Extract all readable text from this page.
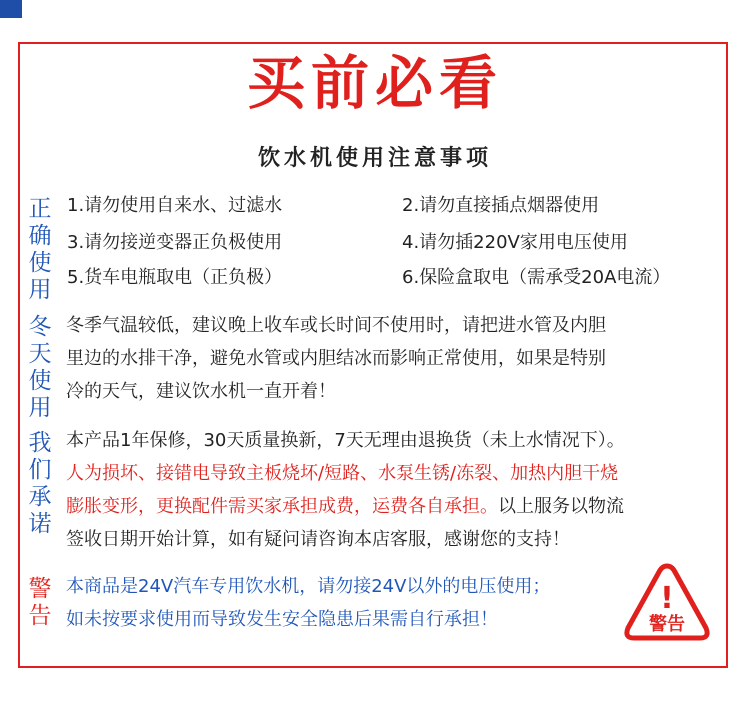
买前必看
饮水机使用注意事项
正确使用
1.请勿使用自来水、过滤水	2.请勿直接插点烟器使用
3.请勿接逆变器正负极使用	4.请勿插220V家用电压使用
5.货车电瓶取电（正负极）	6.保险盒取电（需承受20A电流）
冬天使用
冬季气温较低，建议晚上收车或长时间不使用时，请把进水管及内胆
里边的水排干净，避免水管或内胆结冰而影响正常使用，如果是特别
冷的天气，建议饮水机一直开着！
我们承诺
本产品1年保修，30天质量换新，7天无理由退换货（未上水情况下）。
人为损坏、接错电导致主板烧坏/短路、水泵生锈/冻裂、加热内胆干烧
膨胀变形，更换配件需买家承担成费，运费各自承担。以上服务以物流
签收日期开始计算，如有疑问请咨询本店客服，感谢您的支持！
警告
本商品是24V汽车专用饮水机，请勿接24V以外的电压使用；
如未按要求使用而导致发生安全隐患后果需自行承担！
!
警告
